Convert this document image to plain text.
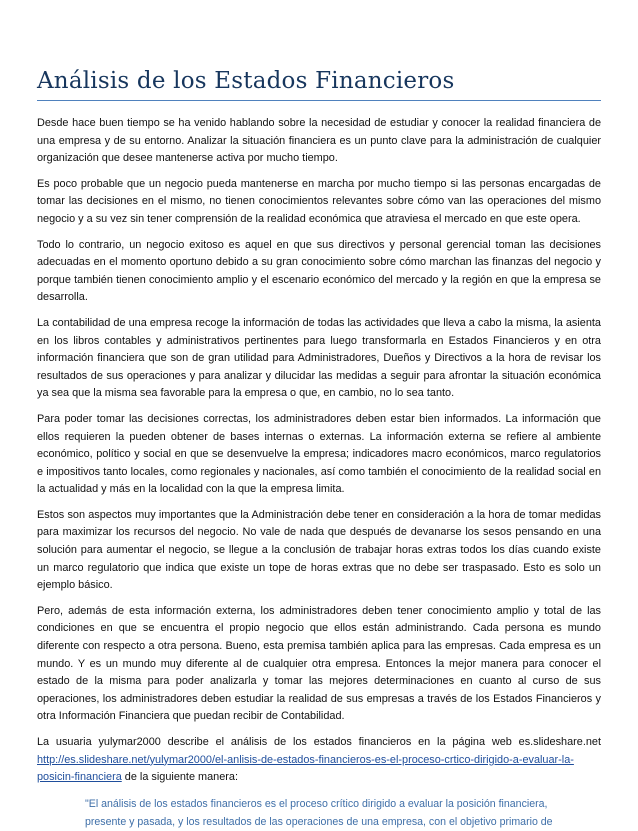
Análisis de los Estados Financieros

Desde hace buen tiempo se ha venido hablando sobre la necesidad de estudiar y conocer la realidad financiera de una empresa y de su entorno. Analizar la situación financiera es un punto clave para la administración de cualquier organización que desee mantenerse activa por mucho tiempo.

Es poco probable que un negocio pueda mantenerse en marcha por mucho tiempo si las personas encargadas de tomar las decisiones en el mismo, no tienen conocimientos relevantes sobre cómo van las operaciones del mismo negocio y a su vez sin tener comprensión de la realidad económica que atraviesa el mercado en que este opera.

Todo lo contrario, un negocio exitoso es aquel en que sus directivos y personal gerencial toman las decisiones adecuadas en el momento oportuno debido a su gran conocimiento sobre cómo marchan las finanzas del negocio y porque también tienen conocimiento amplio y el escenario económico del mercado y la región en que la empresa se desarrolla.

La contabilidad de una empresa recoge la información de todas las actividades que lleva a cabo la misma, la asienta en los libros contables y administrativos pertinentes para luego transformarla en Estados Financieros y en otra información financiera que son de gran utilidad para Administradores, Dueños y Directivos a la hora de revisar los resultados de sus operaciones y para analizar y dilucidar las medidas a seguir para afrontar la situación económica ya sea que la misma sea favorable para la empresa o que, en cambio, no lo sea tanto.

Para poder tomar las decisiones correctas, los administradores deben estar bien informados. La información que ellos requieren la pueden obtener de bases internas o externas. La información externa se refiere al ambiente económico, político y social en que se desenvuelve la empresa; indicadores macro económicos, marco regulatorios e impositivos tanto locales, como regionales y nacionales, así como también el conocimiento de la realidad social en la actualidad y más en la localidad con la que la empresa limita.

Estos son aspectos muy importantes que la Administración debe tener en consideración a la hora de tomar medidas para maximizar los recursos del negocio. No vale de nada que después de devanarse los sesos pensando en una solución para aumentar el negocio, se llegue a la conclusión de trabajar horas extras todos los días cuando existe un marco regulatorio que indica que existe un tope de horas extras que no debe ser traspasado. Esto es solo un ejemplo básico.

Pero, además de esta información externa, los administradores deben tener conocimiento amplio y total de las condiciones en que se encuentra el propio negocio que ellos están administrando. Cada persona es mundo diferente con respecto a otra persona. Bueno, esta premisa también aplica para las empresas. Cada empresa es un mundo. Y es un mundo muy diferente al de cualquier otra empresa. Entonces la mejor manera para conocer el estado de la misma para poder analizarla y tomar las mejores determinaciones en cuanto al curso de sus operaciones, los administradores deben estudiar la realidad de sus empresas a través de los Estados Financieros y otra Información Financiera que puedan recibir de Contabilidad.

La usuaria yulymar2000 describe el análisis de los estados financieros en la página web es.slideshare.net http://es.slideshare.net/yulymar2000/el-anlisis-de-estados-financieros-es-el-proceso-crtico-dirigido-a-evaluar-la-posicin-financiera de la siguiente manera:

"El análisis de los estados financieros es el proceso crítico dirigido a evaluar la posición financiera,
presente y pasada, y los resultados de las operaciones de una empresa, con el objetivo primario de
